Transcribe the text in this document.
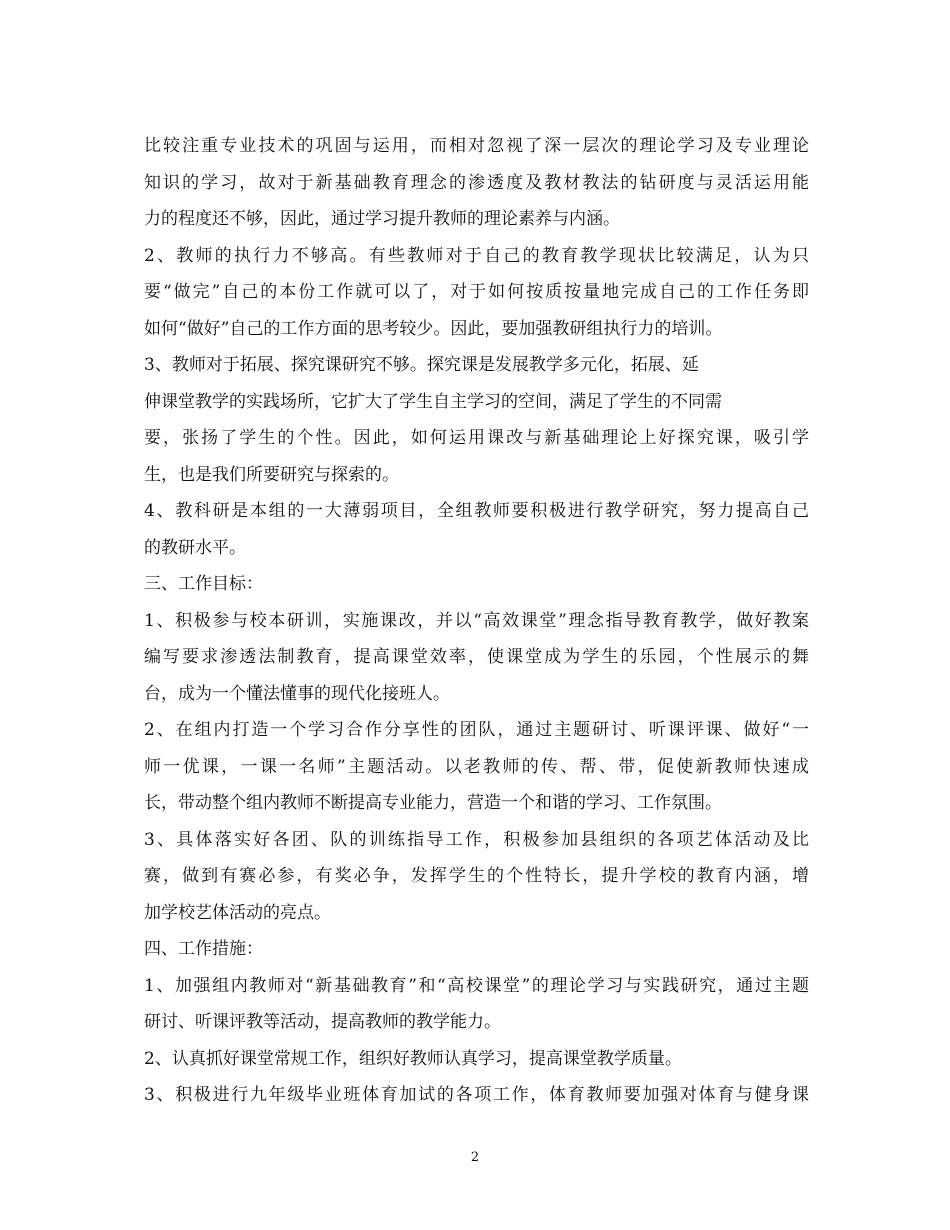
比较注重专业技术的巩固与运用，而相对忽视了深一层次的理论学习及专业理论
知识的学习，故对于新基础教育理念的渗透度及教材教法的钻研度与灵活运用能
力的程度还不够，因此，通过学习提升教师的理论素养与内涵。
2、教师的执行力不够高。有些教师对于自己的教育教学现状比较满足，认为只
要“做完”自己的本份工作就可以了，对于如何按质按量地完成自己的工作任务即
如何“做好”自己的工作方面的思考较少。因此，要加强教研组执行力的培训。
3、教师对于拓展、探究课研究不够。探究课是发展教学多元化，拓展、延
伸课堂教学的实践场所，它扩大了学生自主学习的空间，满足了学生的不同需
要，张扬了学生的个性。因此，如何运用课改与新基础理论上好探究课，吸引学
生，也是我们所要研究与探索的。
4、教科研是本组的一大薄弱项目，全组教师要积极进行教学研究，努力提高自己
的教研水平。
三、工作目标：
1、积极参与校本研训，实施课改，并以“高效课堂”理念指导教育教学，做好教案
编写要求渗透法制教育，提高课堂效率，使课堂成为学生的乐园，个性展示的舞
台，成为一个懂法懂事的现代化接班人。
2、在组内打造一个学习合作分享性的团队，通过主题研讨、听课评课、做好“一
师一优课，一课一名师”主题活动。以老教师的传、帮、带，促使新教师快速成
长，带动整个组内教师不断提高专业能力，营造一个和谐的学习、工作氛围。
3、具体落实好各团、队的训练指导工作，积极参加县组织的各项艺体活动及比
赛，做到有赛必参，有奖必争，发挥学生的个性特长，提升学校的教育内涵，增
加学校艺体活动的亮点。
四、工作措施：
1、加强组内教师对“新基础教育”和“高校课堂”的理论学习与实践研究，通过主题
研讨、听课评教等活动，提高教师的教学能力。
2、认真抓好课堂常规工作，组织好教师认真学习，提高课堂教学质量。
3、积极进行九年级毕业班体育加试的各项工作，体育教师要加强对体育与健身课
2
